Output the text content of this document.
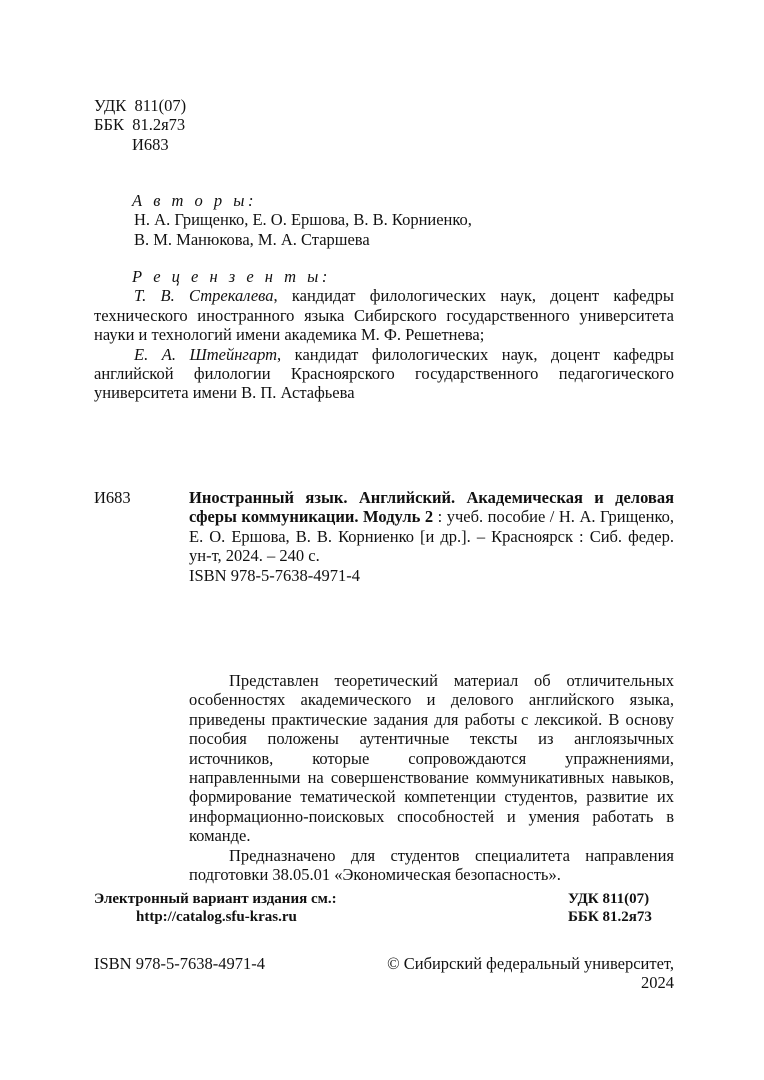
УДК 811(07)
ББК 81.2я73
И683
А в т о р ы:
Н. А. Грищенко, Е. О. Ершова, В. В. Корниенко,
В. М. Манюкова, М. А. Старшева
Р е ц е н з е н т ы:
Т. В. Стрекалева, кандидат филологических наук, доцент кафедры технического иностранного языка Сибирского государственного университета науки и технологий имени академика М. Ф. Решетнева;
Е. А. Штейнгарт, кандидат филологических наук, доцент кафедры английской филологии Красноярского государственного педагогического университета имени В. П. Астафьева
И683	Иностранный язык. Английский. Академическая и деловая сферы коммуникации. Модуль 2 : учеб. пособие / Н. А. Грищенко, Е. О. Ершова, В. В. Корниенко [и др.]. – Красноярск : Сиб. федер. ун-т, 2024. – 240 с.
ISBN 978-5-7638-4971-4

Представлен теоретический материал об отличительных особенностях академического и делового английского языка, приведены практические задания для работы с лексикой. В основу пособия положены аутентичные тексты из англоязычных источников, которые сопровождаются упражнениями, направленными на совершенствование коммуникативных навыков, формирование тематической компетенции студентов, развитие их информационно-поисковых способностей и умения работать в команде.

Предназначено для студентов специалитета направления подготовки 38.05.01 «Экономическая безопасность».

Электронный вариант издания см.:
http://catalog.sfu-kras.ru
УДК 811(07)
ББК 81.2я73
ISBN 978-5-7638-4971-4	© Сибирский федеральный университет, 2024
